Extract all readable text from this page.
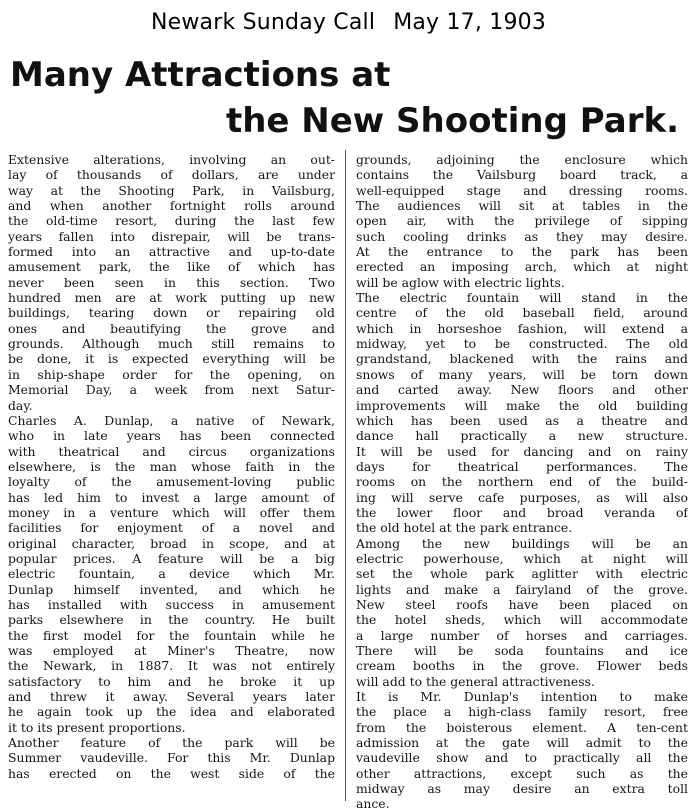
Newark Sunday Call May 17, 1903
Many Attractions at
the New Shooting Park.
Extensive alterations, involving an out-
lay of thousands of dollars, are under
way at the Shooting Park, in Vailsburg,
and when another fortnight rolls around
the old-time resort, during the last few
years fallen into disrepair, will be trans-
formed into an attractive and up-to-date
amusement park, the like of which has
never been seen in this section. Two
hundred men are at work putting up new
buildings, tearing down or repairing old
ones and beautifying the grove and
grounds. Although much still remains to
be done, it is expected everything will be
in ship-shape order for the opening, on
Memorial Day, a week from next Satur-
day.
Charles A. Dunlap, a native of Newark,
who in late years has been connected
with theatrical and circus organizations
elsewhere, is the man whose faith in the
loyalty of the amusement-loving public
has led him to invest a large amount of
money in a venture which will offer them
facilities for enjoyment of a novel and
original character, broad in scope, and at
popular prices. A feature will be a big
electric fountain, a device which Mr.
Dunlap himself invented, and which he
has installed with success in amusement
parks elsewhere in the country. He built
the first model for the fountain while he
was employed at Miner's Theatre, now
the Newark, in 1887. It was not entirely
satisfactory to him and he broke it up
and threw it away. Several years later
he again took up the idea and elaborated
it to its present proportions.
Another feature of the park will be
Summer vaudeville. For this Mr. Dunlap
has erected on the west side of the
grounds, adjoining the enclosure which
contains the Vailsburg board track, a
well-equipped stage and dressing rooms.
The audiences will sit at tables in the
open air, with the privilege of sipping
such cooling drinks as they may desire.
At the entrance to the park has been
erected an imposing arch, which at night
will be aglow with electric lights.
The electric fountain will stand in the
centre of the old baseball field, around
which in horseshoe fashion, will extend a
midway, yet to be constructed. The old
grandstand, blackened with the rains and
snows of many years, will be torn down
and carted away. New floors and other
improvements will make the old building
which has been used as a theatre and
dance hall practically a new structure.
It will be used for dancing and on rainy
days for theatrical performances. The
rooms on the northern end of the build-
ing will serve cafe purposes, as will also
the lower floor and broad veranda of
the old hotel at the park entrance.
Among the new buildings will be an
electric powerhouse, which at night will
set the whole park aglitter with electric
lights and make a fairyland of the grove.
New steel roofs have been placed on
the hotel sheds, which will accommodate
a large number of horses and carriages.
There will be soda fountains and ice
cream booths in the grove. Flower beds
will add to the general attractiveness.
It is Mr. Dunlap's intention to make
the place a high-class family resort, free
from the boisterous element. A ten-cent
admission at the gate will admit to the
vaudeville show and to practically all the
other attractions, except such as the
midway as may desire an extra toll
ance.
